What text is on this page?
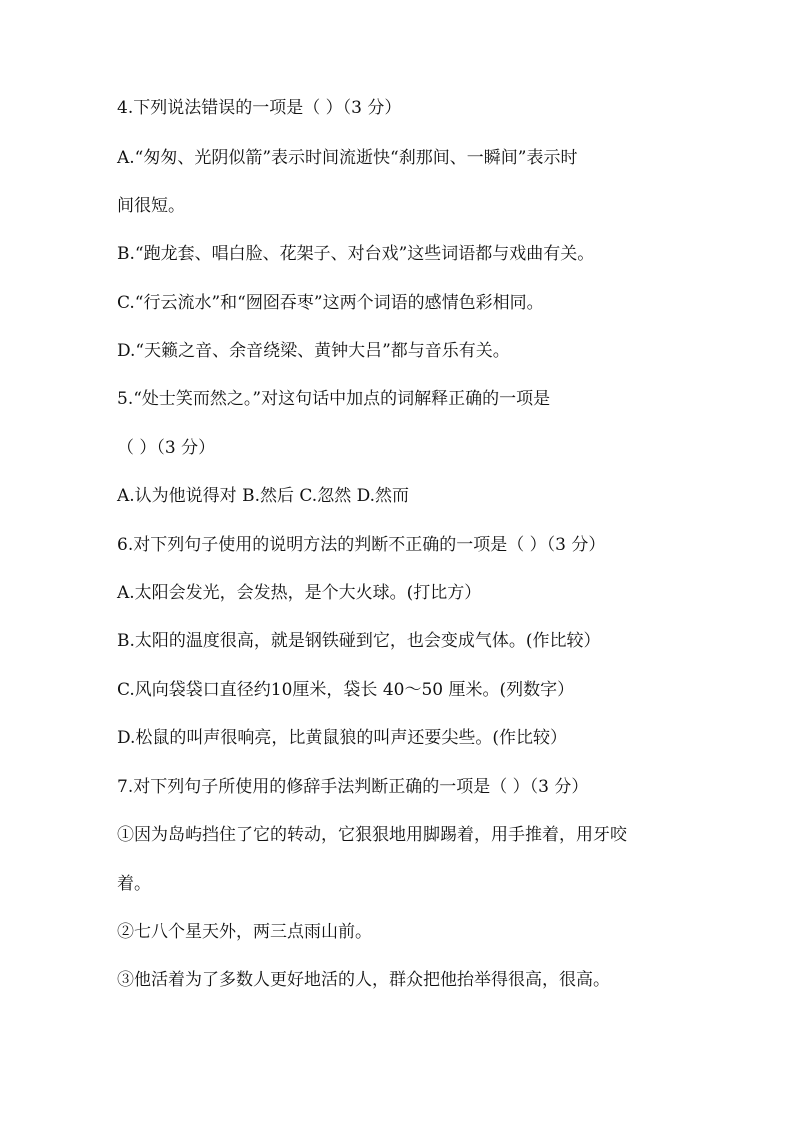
4.下列说法错误的一项是（ ）（3 分）
A.“匆匆、光阴似箭”表示时间流逝快“刹那间、一瞬间”表示时
间很短。
B.“跑龙套、唱白脸、花架子、对台戏”这些词语都与戏曲有关。
C.“行云流水”和“囫囵吞枣”这两个词语的感情色彩相同。
D.“天籁之音、余音绕梁、黄钟大吕”都与音乐有关。
5.“处士笑而然之。”对这句话中加点的词解释正确的一项是
（ ）（3 分）
A.认为他说得对 B.然后 C.忽然 D.然而
6.对下列句子使用的说明方法的判断不正确的一项是（ ）（3 分）
A.太阳会发光，会发热，是个大火球。(打比方）
B.太阳的温度很高，就是钢铁碰到它，也会变成气体。(作比较）
C.风向袋袋口直径约10厘米，袋长 40～50 厘米。(列数字）
D.松鼠的叫声很响亮，比黄鼠狼的叫声还要尖些。(作比较）
7.对下列句子所使用的修辞手法判断正确的一项是（ ）（3 分）
①因为岛屿挡住了它的转动，它狠狠地用脚踢着，用手推着，用牙咬
着。
②七八个星天外，两三点雨山前。
③他活着为了多数人更好地活的人，群众把他抬举得很高，很高。
